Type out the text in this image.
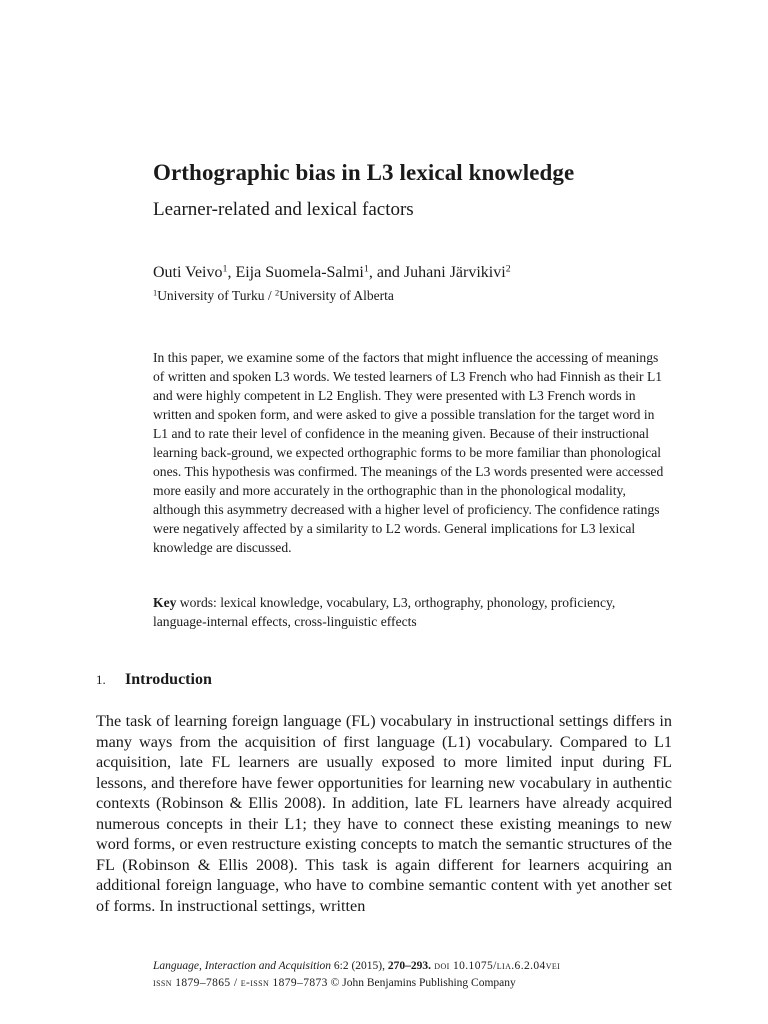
Orthographic bias in L3 lexical knowledge
Learner-related and lexical factors

Outi Veivo$^1$, Eija Suomela-Salmi$^1$, and Juhani Järvikivi$^2$

$^1$University of Turku / $^2$University of Alberta

In this paper, we examine some of the factors that might influence the accessing of meanings of written and spoken L3 words. We tested learners of L3 French who had Finnish as their L1 and were highly competent in L2 English. They were presented with L3 French words in written and spoken form, and were asked to give a possible translation for the target word in L1 and to rate their level of confidence in the meaning given. Because of their instructional learning back-ground, we expected orthographic forms to be more familiar than phonological ones. This hypothesis was confirmed. The meanings of the L3 words presented were accessed more easily and more accurately in the orthographic than in the phonological modality, although this asymmetry decreased with a higher level of proficiency. The confidence ratings were negatively affected by a similarity to L2 words. General implications for L3 lexical knowledge are discussed.

Key words: lexical knowledge, vocabulary, L3, orthography, phonology, proficiency, language-internal effects, cross-linguistic effects

1. Introduction

The task of learning foreign language (FL) vocabulary in instructional settings differs in many ways from the acquisition of first language (L1) vocabulary. Compared to L1 acquisition, late FL learners are usually exposed to more limited input during FL lessons, and therefore have fewer opportunities for learning new vocabulary in authentic contexts (Robinson & Ellis 2008). In addition, late FL learners have already acquired numerous concepts in their L1; they have to connect these existing meanings to new word forms, or even restructure existing concepts to match the semantic structures of the FL (Robinson & Ellis 2008). This task is again different for learners acquiring an additional foreign language, who have to combine semantic content with yet another set of forms. In instructional settings, written

Language, Interaction and Acquisition 6:2 (2015), 270–293. doi 10.1075/lia.6.2.04vei
issn 1879–7865 / e-issn 1879–7873 © John Benjamins Publishing Company
